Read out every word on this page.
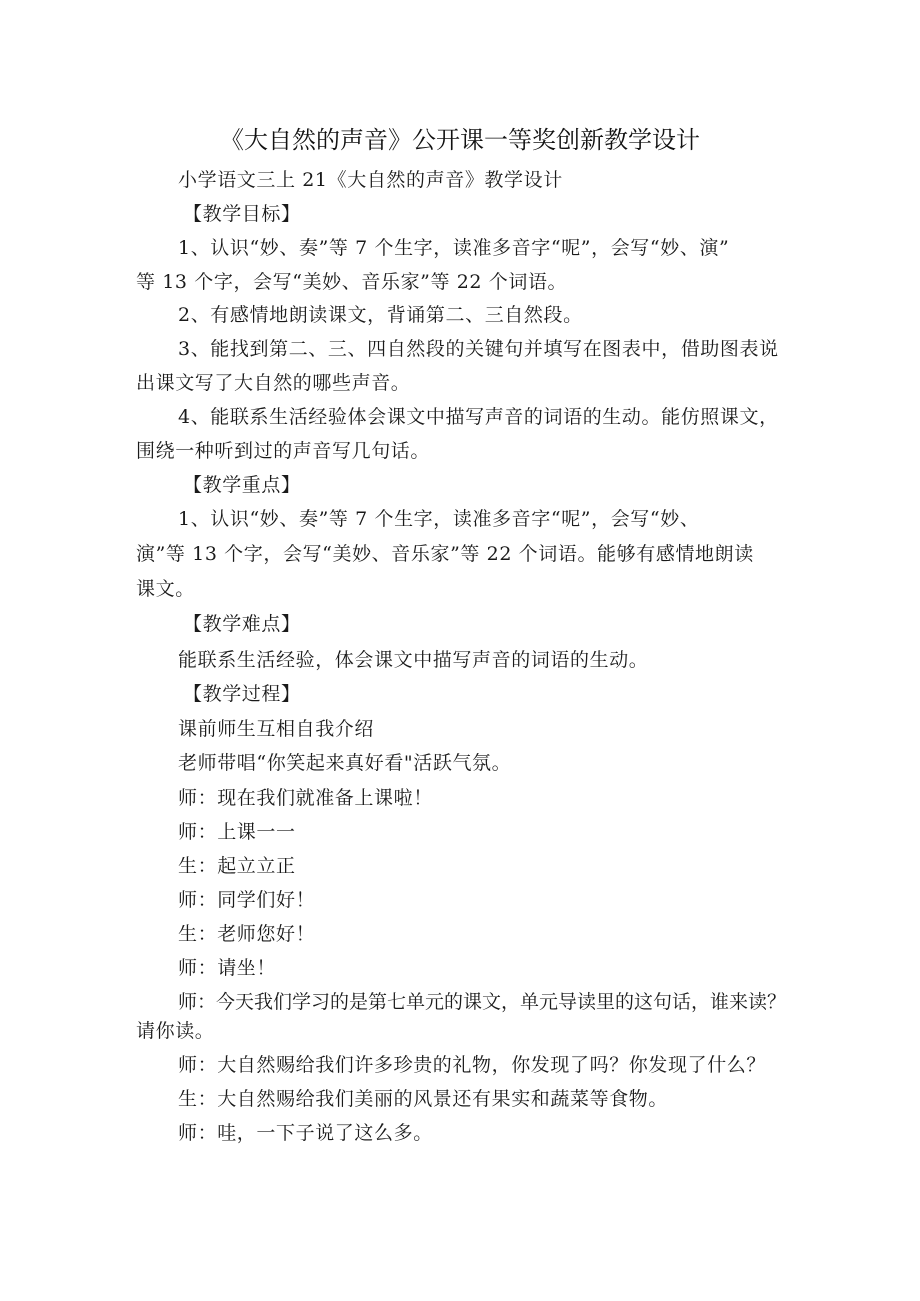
《大自然的声音》公开课一等奖创新教学设计
小学语文三上 21《大自然的声音》教学设计
【教学目标】
1、认识“妙、奏”等 7 个生字，读准多音字“呢”，会写“妙、演”
等 13 个字，会写“美妙、音乐家”等 22 个词语。
2、有感情地朗读课文，背诵第二、三自然段。
3、能找到第二、三、四自然段的关键句并填写在图表中，借助图表说
出课文写了大自然的哪些声音。
4、能联系生活经验体会课文中描写声音的词语的生动。能仿照课文，
围绕一种听到过的声音写几句话。
【教学重点】
1、认识“妙、奏”等 7 个生字，读准多音字“呢”，会写“妙、
演”等 13 个字，会写“美妙、音乐家”等 22 个词语。能够有感情地朗读
课文。
【教学难点】
能联系生活经验，体会课文中描写声音的词语的生动。
【教学过程】
课前师生互相自我介绍
老师带唱“你笑起来真好看"活跃气氛。
师：现在我们就准备上课啦！
师：上课一一
生：起立立正
师：同学们好！
生：老师您好！
师：请坐！
师：今天我们学习的是第七单元的课文，单元导读里的这句话，谁来读？
请你读。
师：大自然赐给我们许多珍贵的礼物，你发现了吗？你发现了什么？
生：大自然赐给我们美丽的风景还有果实和蔬菜等食物。
师：哇，一下子说了这么多。
